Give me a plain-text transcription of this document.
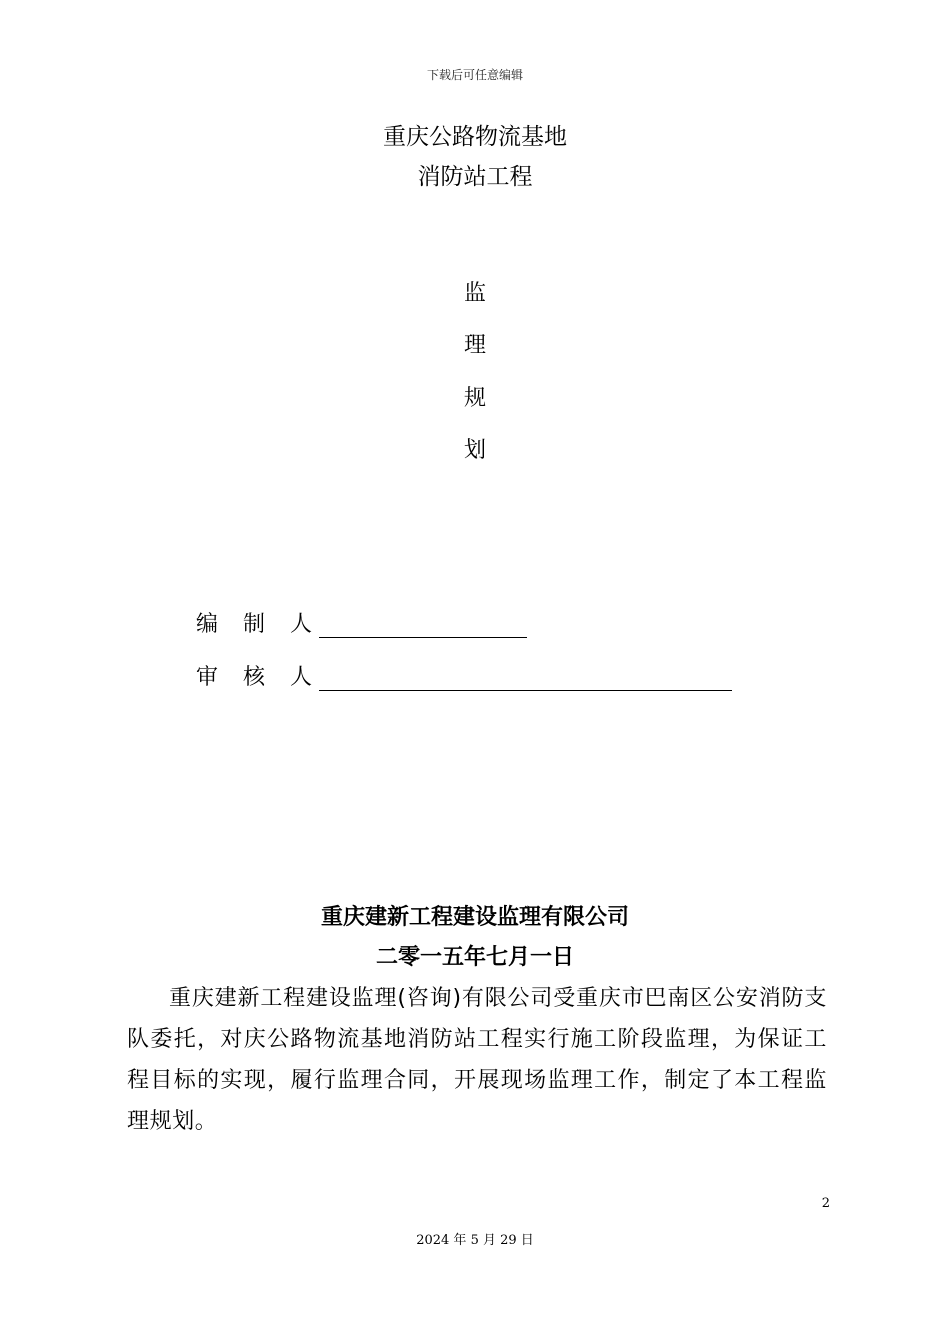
下载后可任意编辑
重庆公路物流基地
消防站工程
监
理
规
划
编 制 人
审 核 人
重庆建新工程建设监理有限公司
二零一五年七月一日
重庆建新工程建设监理(咨询)有限公司受重庆市巴南区公安消防支队委托，对庆公路物流基地消防站工程实行施工阶段监理，为保证工程目标的实现，履行监理合同，开展现场监理工作，制定了本工程监理规划。
2
2024 年 5 月 29 日
